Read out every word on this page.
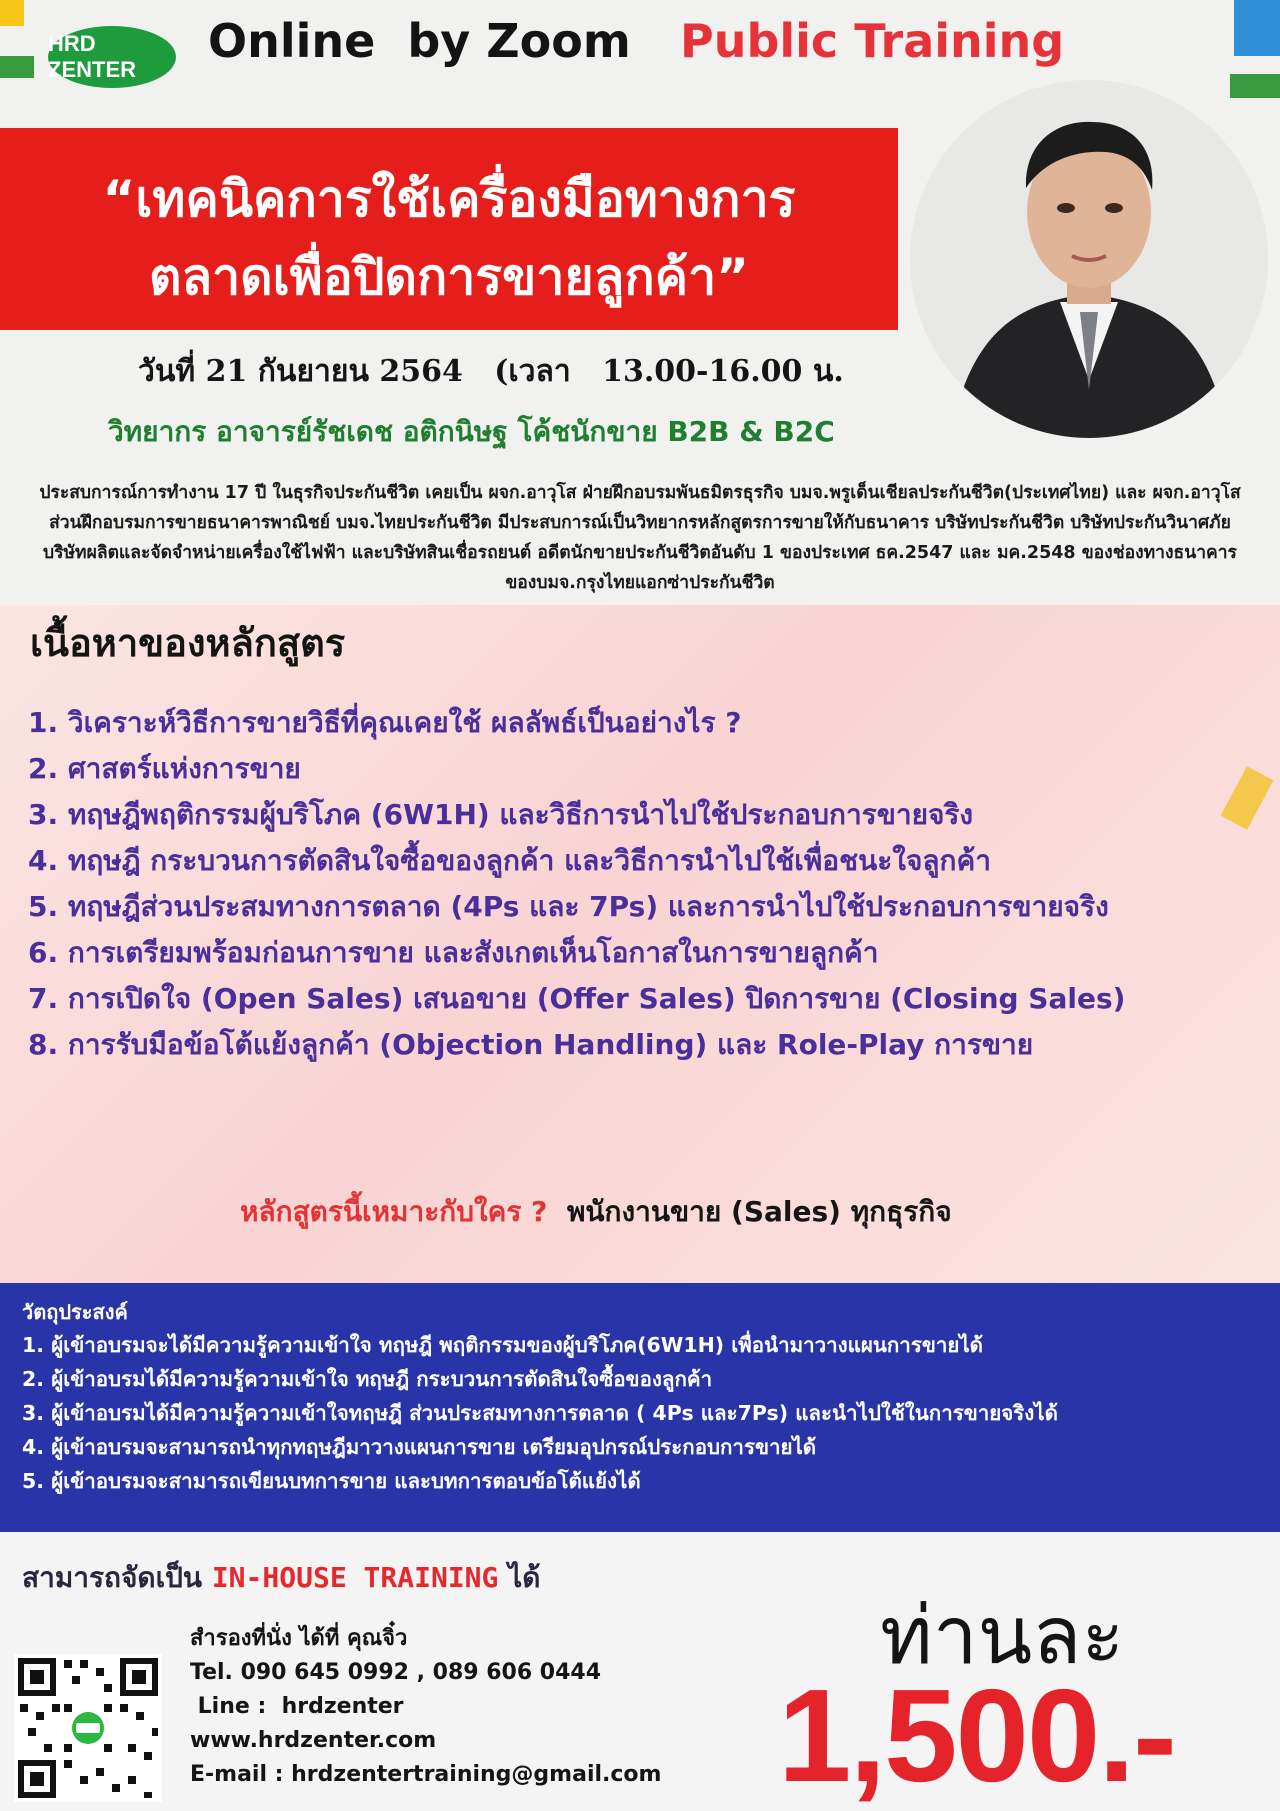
HRD ZENTER
Online  by Zoom Public Training
“เทคนิคการใช้เครื่องมือทางการ
ตลาดเพื่อปิดการขายลูกค้า”
วันที่ 21 กันยายน 2564   (เวลา   13.00-16.00 น.
วิทยากร อาจารย์รัชเดช อติกนิษฐ โค้ชนักขาย B2B & B2C
ประสบการณ์การทำงาน 17 ปี ในธุรกิจประกันชีวิต เคยเป็น ผจก.อาวุโส ฝ่ายฝึกอบรมพันธมิตรธุรกิจ บมจ.พรูเด็นเชียลประกันชีวิต(ประเทศไทย) และ ผจก.อาวุโส ส่วนฝึกอบรมการขายธนาคารพาณิชย์ บมจ.ไทยประกันชีวิต มีประสบการณ์เป็นวิทยากรหลักสูตรการขายให้กับธนาคาร บริษัทประกันชีวิต บริษัทประกันวินาศภัย บริษัทผลิตและจัดจำหน่ายเครื่องใช้ไฟฟ้า และบริษัทสินเชื่อรถยนต์ อดีตนักขายประกันชีวิตอันดับ 1 ของประเทศ ธค.2547 และ มค.2548 ของช่องทางธนาคาร ของบมจ.กรุงไทยแอกซ่าประกันชีวิต
เนื้อหาของหลักสูตร
1. วิเคราะห์วิธีการขายวิธีที่คุณเคยใช้ ผลลัพธ์เป็นอย่างไร ?
2. ศาสตร์แห่งการขาย
3. ทฤษฎีพฤติกรรมผู้บริโภค (6W1H) และวิธีการนำไปใช้ประกอบการขายจริง
4. ทฤษฎี กระบวนการตัดสินใจซื้อของลูกค้า และวิธีการนำไปใช้เพื่อชนะใจลูกค้า
5. ทฤษฎีส่วนประสมทางการตลาด (4Ps และ 7Ps) และการนำไปใช้ประกอบการขายจริง
6. การเตรียมพร้อมก่อนการขาย และสังเกตเห็นโอกาสในการขายลูกค้า
7. การเปิดใจ (Open Sales) เสนอขาย (Offer Sales) ปิดการขาย (Closing Sales)
8. การรับมือข้อโต้แย้งลูกค้า (Objection Handling) และ Role-Play การขาย
หลักสูตรนี้เหมาะกับใคร ? พนักงานขาย (Sales) ทุกธุรกิจ
วัตถุประสงค์
1. ผู้เข้าอบรมจะได้มีความรู้ความเข้าใจ ทฤษฎี พฤติกรรมของผู้บริโภค(6W1H) เพื่อนำมาวางแผนการขายได้
2. ผู้เข้าอบรมได้มีความรู้ความเข้าใจ ทฤษฎี กระบวนการตัดสินใจซื้อของลูกค้า
3. ผู้เข้าอบรมได้มีความรู้ความเข้าใจทฤษฎี ส่วนประสมทางการตลาด ( 4Ps และ7Ps) และนำไปใช้ในการขายจริงได้
4. ผู้เข้าอบรมจะสามารถนำทุกทฤษฎีมาวางแผนการขาย เตรียมอุปกรณ์ประกอบการขายได้
5. ผู้เข้าอบรมจะสามารถเขียนบทการขาย และบทการตอบข้อโต้แย้งได้
สามารถจัดเป็น IN-HOUSE TRAINING ได้
สำรองที่นั่ง ได้ที่ คุณจิ๋ว
Tel. 090 645 0992 , 089 606 0444
Line :  hrdzenter
www.hrdzenter.com
E-mail : hrdzentertraining@gmail.com
ท่านละ
1,500.-
